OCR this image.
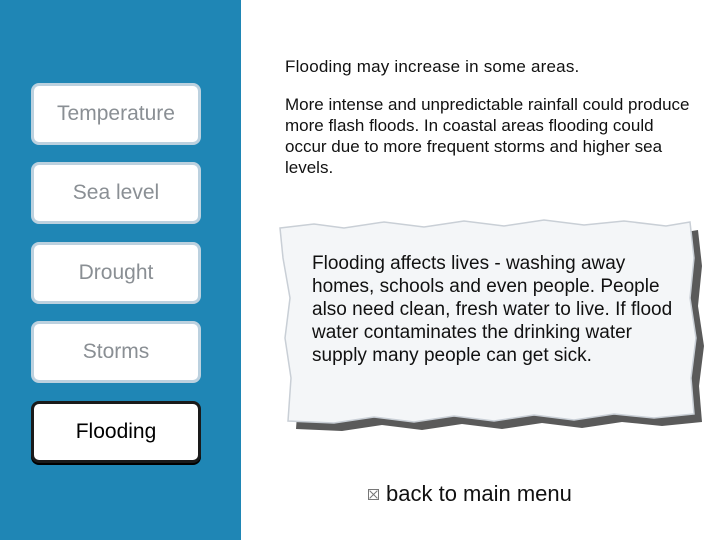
Temperature
Sea level
Drought
Storms
Flooding
Flooding may increase in some areas.
More intense and unpredictable rainfall could produce more flash floods. In coastal areas flooding could occur due to more frequent storms and higher sea levels.
Flooding affects lives - washing away homes, schools and even people. People also need clean, fresh water to live. If flood water contaminates the drinking water supply many people can get sick.
back to main menu
